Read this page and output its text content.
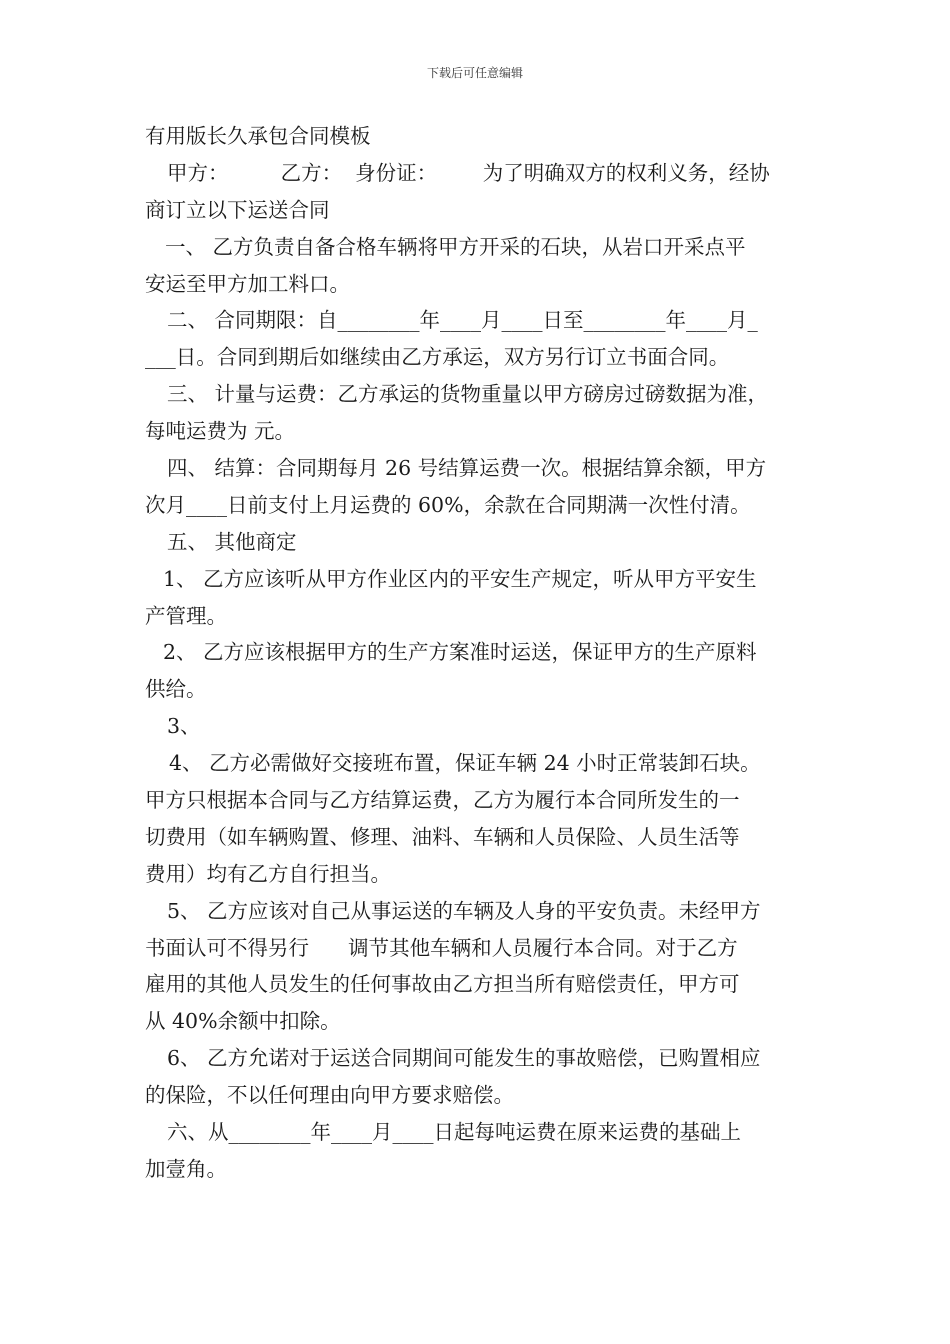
下载后可任意编辑
有用版长久承包合同模板
甲方：        乙方：  身份证：       为了明确双方的权利义务，经协
商订立以下运送合同
一、 乙方负责自备合格车辆将甲方开采的石块，从岩口开采点平
安运至甲方加工料口。
二、 合同期限：自________年____月____日至________年____月_
___日。合同到期后如继续由乙方承运，双方另行订立书面合同。
三、 计量与运费：乙方承运的货物重量以甲方磅房过磅数据为准，
每吨运费为 元。
四、 结算：合同期每月 26 号结算运费一次。根据结算余额，甲方
次月____日前支付上月运费的 60%，余款在合同期满一次性付清。
五、 其他商定
1、 乙方应该听从甲方作业区内的平安生产规定，听从甲方平安生
产管理。
2、 乙方应该根据甲方的生产方案准时运送，保证甲方的生产原料
供给。
3、
4、 乙方必需做好交接班布置，保证车辆 24 小时正常装卸石块。
甲方只根据本合同与乙方结算运费，乙方为履行本合同所发生的一
切费用（如车辆购置、修理、油料、车辆和人员保险、人员生活等
费用）均有乙方自行担当。
5、 乙方应该对自己从事运送的车辆及人身的平安负责。未经甲方
书面认可不得另行      调节其他车辆和人员履行本合同。对于乙方
雇用的其他人员发生的任何事故由乙方担当所有赔偿责任，甲方可
从 40%余额中扣除。
6、 乙方允诺对于运送合同期间可能发生的事故赔偿，已购置相应
的保险，不以任何理由向甲方要求赔偿。
六、从________年____月____日起每吨运费在原来运费的基础上
加壹角。
